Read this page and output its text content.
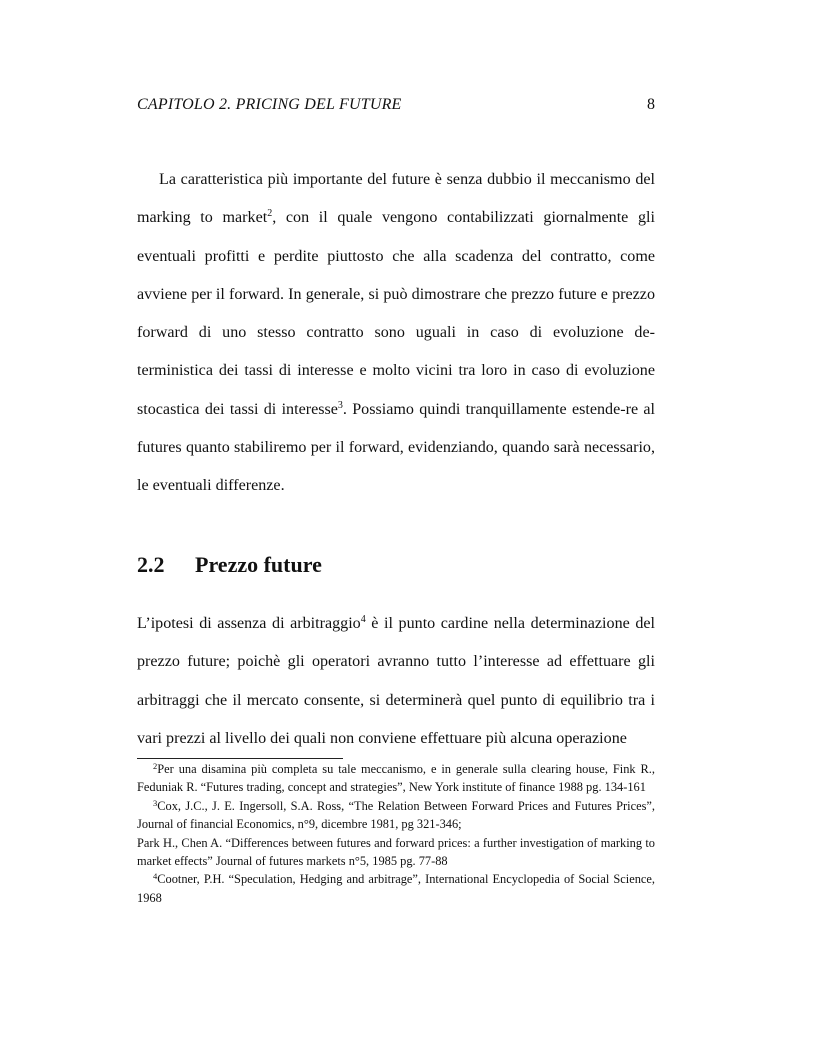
CAPITOLO 2. PRICING DEL FUTURE	8

La caratteristica più importante del future è senza dubbio il meccanismo del marking to market$^2$, con il quale vengono contabilizzati giornalmente gli eventuali profitti e perdite piuttosto che alla scadenza del contratto, come avviene per il forward. In generale, si può dimostrare che prezzo future e prezzo forward di uno stesso contratto sono uguali in caso di evoluzione de-terministica dei tassi di interesse e molto vicini tra loro in caso di evoluzione stocastica dei tassi di interesse$^3$. Possiamo quindi tranquillamente estende-re al futures quanto stabiliremo per il forward, evidenziando, quando sarà necessario, le eventuali differenze.

2.2 Prezzo future

L’ipotesi di assenza di arbitraggio$^4$ è il punto cardine nella determinazione del prezzo future; poichè gli operatori avranno tutto l’interesse ad effettuare gli arbitraggi che il mercato consente, si determinerà quel punto di equilibrio tra i vari prezzi al livello dei quali non conviene effettuare più alcuna operazione

$^2$Per una disamina più completa su tale meccanismo, e in generale sulla clearing house, Fink R., Feduniak R. “Futures trading, concept and strategies”, New York institute of finance 1988 pg. 134-161

$^3$Cox, J.C., J. E. Ingersoll, S.A. Ross, “The Relation Between Forward Prices and Futures Prices”, Journal of financial Economics, n°9, dicembre 1981, pg 321-346;

Park H., Chen A. “Differences between futures and forward prices: a further investigation of marking to market effects” Journal of futures markets n°5, 1985 pg. 77-88

$^4$Cootner, P.H. “Speculation, Hedging and arbitrage”, International Encyclopedia of Social Science, 1968
